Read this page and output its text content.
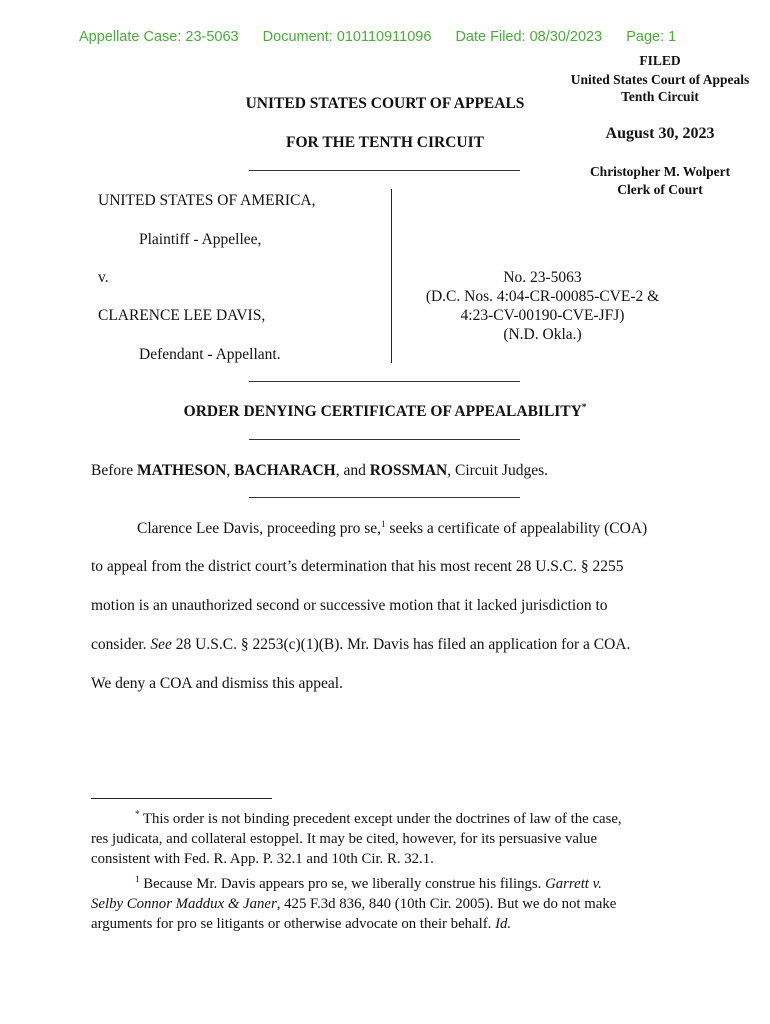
Appellate Case: 23-5063 Document: 010110911096 Date Filed: 08/30/2023 Page: 1
FILED
United States Court of Appeals
Tenth Circuit
August 30, 2023
Christopher M. Wolpert
Clerk of Court
UNITED STATES COURT OF APPEALS
FOR THE TENTH CIRCUIT
UNITED STATES OF AMERICA,
Plaintiff - Appellee,
v.
CLARENCE LEE DAVIS,
Defendant - Appellant.
No. 23-5063
(D.C. Nos. 4:04-CR-00085-CVE-2 &
4:23-CV-00190-CVE-JFJ)
(N.D. Okla.)
ORDER DENYING CERTIFICATE OF APPEALABILITY*
Before MATHESON, BACHARACH, and ROSSMAN, Circuit Judges.
Clarence Lee Davis, proceeding pro se,$^1$ seeks a certificate of appealability (COA)
to appeal from the district court’s determination that his most recent 28 U.S.C. § 2255
motion is an unauthorized second or successive motion that it lacked jurisdiction to
consider. See 28 U.S.C. § 2253(c)(1)(B). Mr. Davis has filed an application for a COA.
We deny a COA and dismiss this appeal.
* This order is not binding precedent except under the doctrines of law of the case,
res judicata, and collateral estoppel. It may be cited, however, for its persuasive value
consistent with Fed. R. App. P. 32.1 and 10th Cir. R. 32.1.
$^1$ Because Mr. Davis appears pro se, we liberally construe his filings. Garrett v.
Selby Connor Maddux & Janer, 425 F.3d 836, 840 (10th Cir. 2005). But we do not make
arguments for pro se litigants or otherwise advocate on their behalf. Id.
